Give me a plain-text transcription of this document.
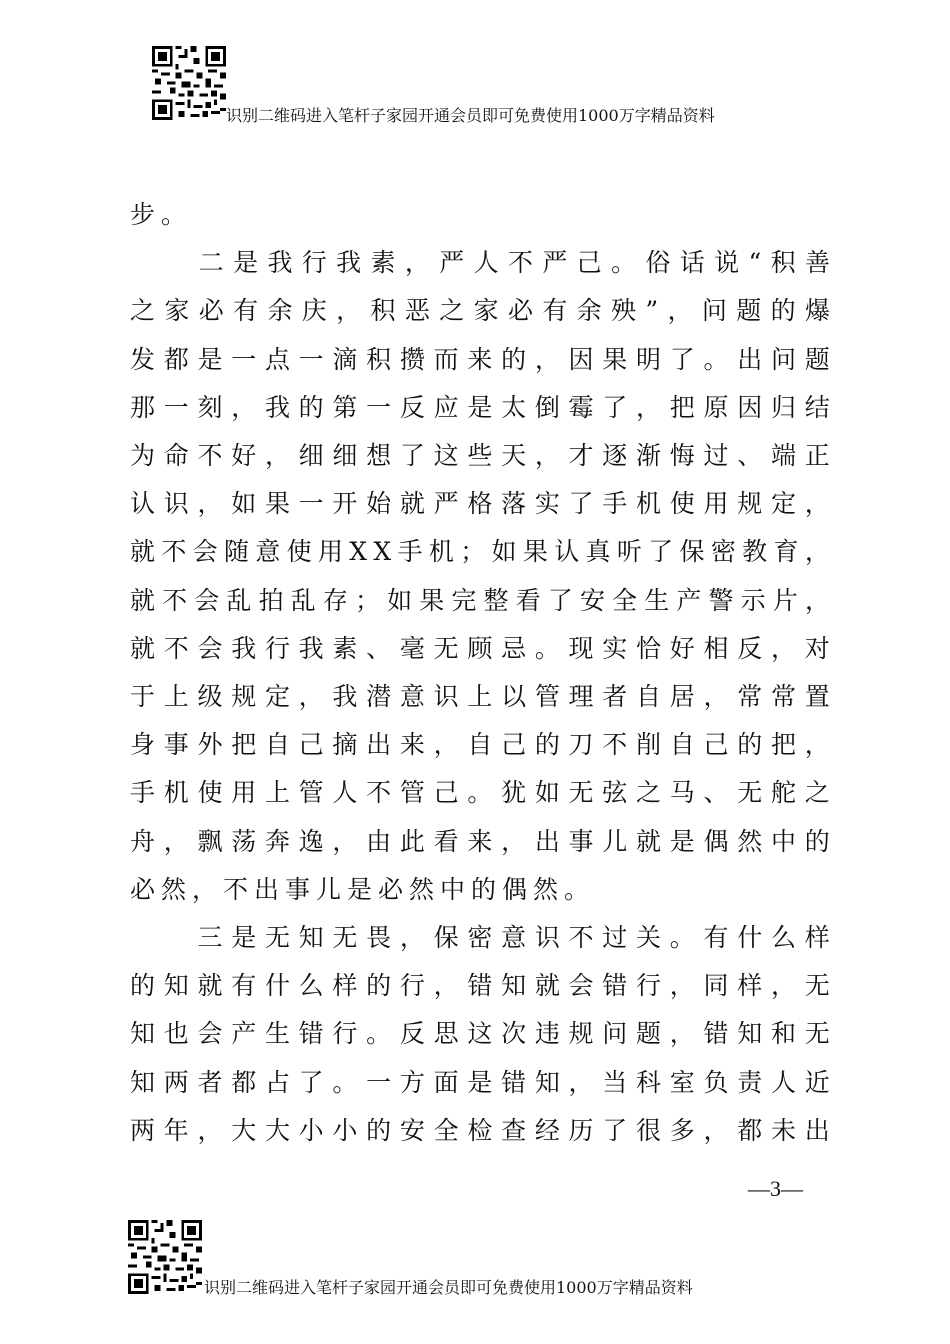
识别二维码进入笔杆子家园开通会员即可免费使用1000万字精品资料
步。

二 是 我 行 我 素 ， 严 人 不 严 己 。 俗 话 说 “ 积 善
之 家 必 有 余 庆 ， 积 恶 之 家 必 有 余 殃 ” ， 问 题 的 爆
发 都 是 一 点 一 滴 积 攒 而 来 的 ， 因 果 明 了 。 出 问 题
那 一 刻 ， 我 的 第 一 反 应 是 太 倒 霉 了 ， 把 原 因 归 结
为 命 不 好 ， 细 细 想 了 这 些 天 ， 才 逐 渐 悔 过 、 端 正
认 识 ， 如 果 一 开 始 就 严 格 落 实 了 手 机 使 用 规 定 ，
就 不 会 随 意 使 用 X X 手 机 ； 如 果 认 真 听 了 保 密 教 育 ，
就 不 会 乱 拍 乱 存 ； 如 果 完 整 看 了 安 全 生 产 警 示 片 ，
就 不 会 我 行 我 素 、 毫 无 顾 忌 。 现 实 恰 好 相 反 ， 对
于 上 级 规 定 ， 我 潜 意 识 上 以 管 理 者 自 居 ， 常 常 置
身 事 外 把 自 己 摘 出 来 ， 自 己 的 刀 不 削 自 己 的 把 ，
手 机 使 用 上 管 人 不 管 己 。 犹 如 无 弦 之 马 、 无 舵 之
舟 ， 飘 荡 奔 逸 ， 由 此 看 来 ， 出 事 儿 就 是 偶 然 中 的
必然，不出事儿是必然中的偶然。

三 是 无 知 无 畏 ， 保 密 意 识 不 过 关 。 有 什 么 样
的 知 就 有 什 么 样 的 行 ， 错 知 就 会 错 行 ， 同 样 ， 无
知 也 会 产 生 错 行 。 反 思 这 次 违 规 问 题 ， 错 知 和 无
知 两 者 都 占 了 。 一 方 面 是 错 知 ， 当 科 室 负 责 人 近
两 年 ， 大 大 小 小 的 安 全 检 查 经 历 了 很 多 ， 都 未 出
—3—
识别二维码进入笔杆子家园开通会员即可免费使用1000万字精品资料
